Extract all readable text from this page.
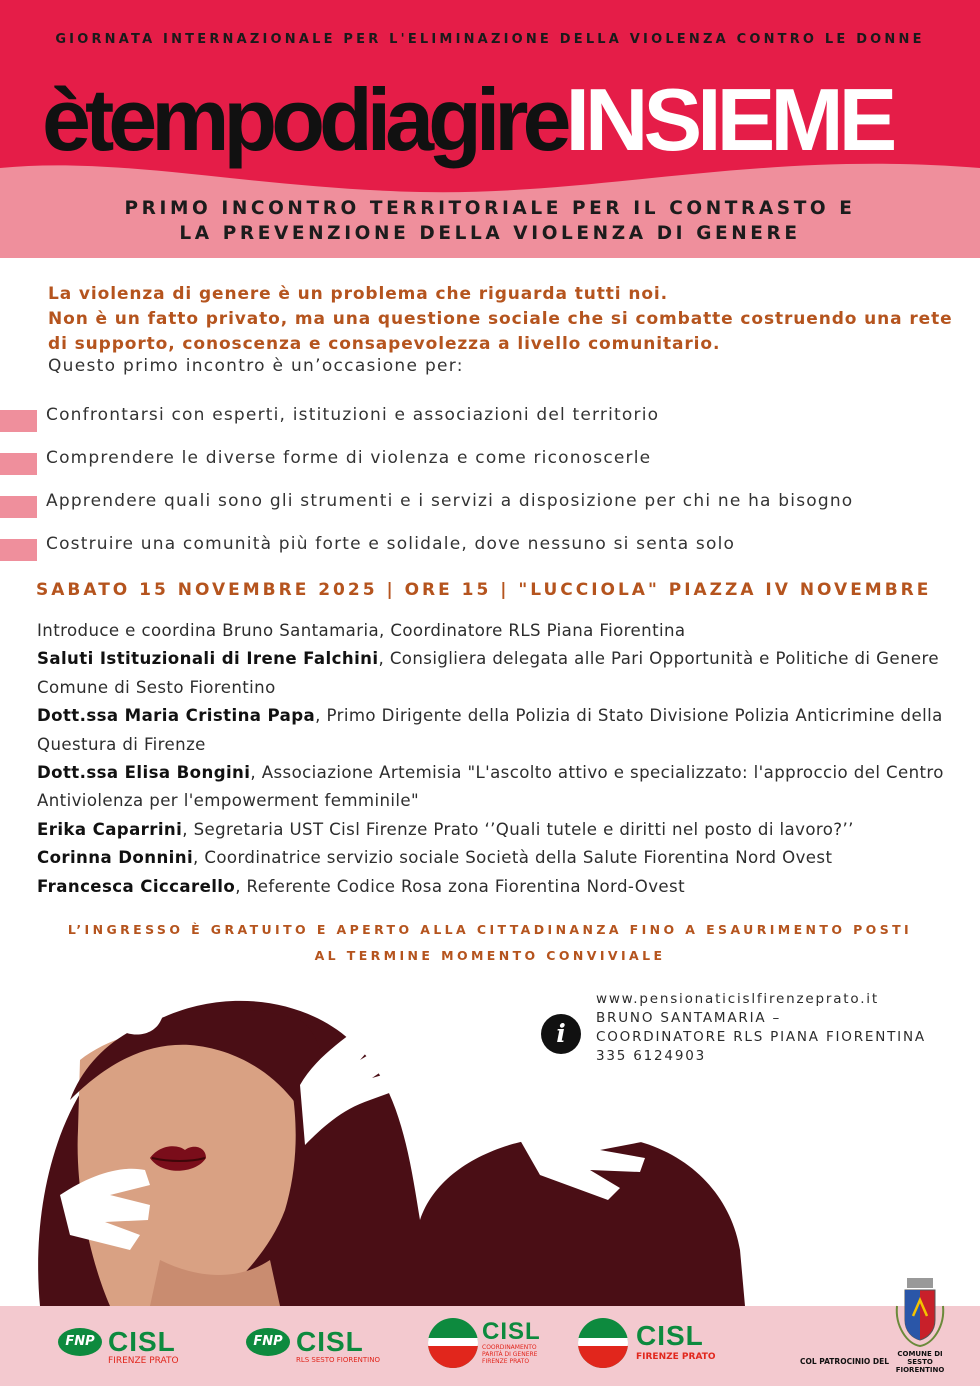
GIORNATA INTERNAZIONALE PER L'ELIMINAZIONE DELLA VIOLENZA CONTRO LE DONNE
ètempodiagireINSIEME
PRIMO INCONTRO TERRITORIALE PER IL CONTRASTO E
LA PREVENZIONE DELLA VIOLENZA DI GENERE
La violenza di genere è un problema che riguarda tutti noi.
Non è un fatto privato, ma una questione sociale che si combatte costruendo una rete di supporto, conoscenza e consapevolezza a livello comunitario.
Questo primo incontro è un’occasione per:
Confrontarsi con esperti, istituzioni e associazioni del territorio
Comprendere le diverse forme di violenza e come riconoscerle
Apprendere quali sono gli strumenti e i servizi a disposizione per chi ne ha bisogno
Costruire una comunità più forte e solidale, dove nessuno si senta solo
SABATO 15 NOVEMBRE 2025 | ORE 15 | "LUCCIOLA" PIAZZA IV NOVEMBRE

Introduce e coordina Bruno Santamaria, Coordinatore RLS Piana Fiorentina

Saluti Istituzionali di Irene Falchini, Consigliera delegata alle Pari Opportunità e Politiche di Genere Comune di Sesto Fiorentino

Dott.ssa Maria Cristina Papa, Primo Dirigente della Polizia di Stato Divisione Polizia Anticrimine della Questura di Firenze

Dott.ssa Elisa Bongini, Associazione Artemisia "L'ascolto attivo e specializzato: l'approccio del Centro Antiviolenza per l'empowerment femminile"

Erika Caparrini, Segretaria UST Cisl Firenze Prato ‘’Quali tutele e diritti nel posto di lavoro?’’

Corinna Donnini, Coordinatrice servizio sociale Società della Salute Fiorentina Nord Ovest

Francesca Ciccarello, Referente Codice Rosa zona Fiorentina Nord-Ovest

L’INGRESSO È GRATUITO E APERTO ALLA CITTADINANZA FINO A ESAURIMENTO POSTI
AL TERMINE MOMENTO CONVIVIALE
i
www.pensionaticislfirenzeprato.it
BRUNO SANTAMARIA –
COORDINATORE RLS PIANA FIORENTINA
335 6124903
FNP CISL
FIRENZE PRATO
FNP CISL
RLS SESTO FIORENTINO
CISL
COORDINAMENTO PARITÀ DI GENERE FIRENZE PRATO
CISL
FIRENZE PRATO	COL PATROCINIO DEL
COMUNE DI
SESTO FIORENTINO
